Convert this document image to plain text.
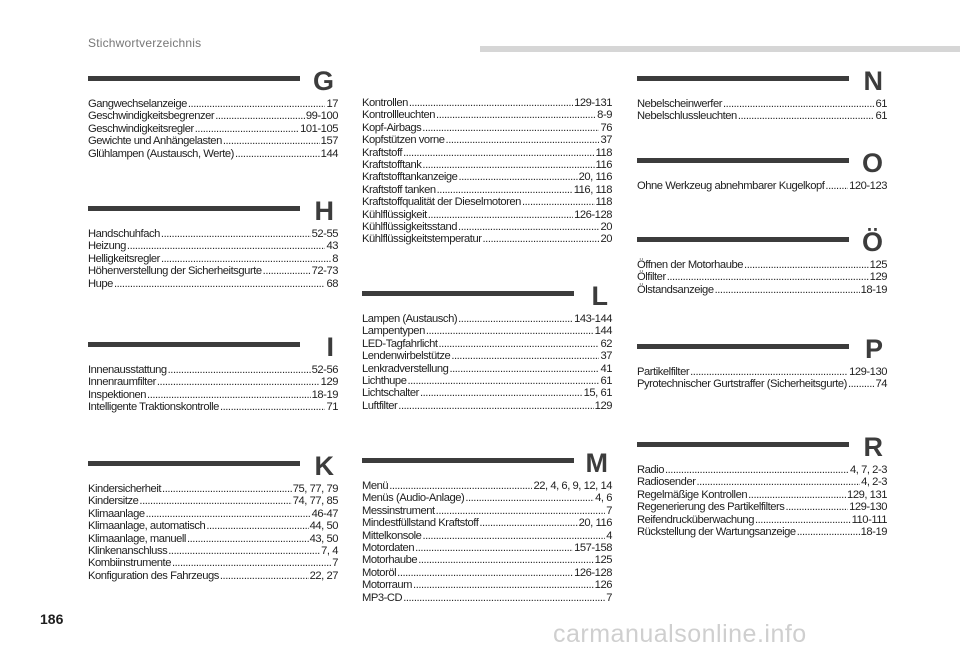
Stichwortverzeichnis
G
Gangwechselanzeige .....	17
Geschwindigkeitsbegrenzer .....	99-100
Geschwindigkeitsregler .....	101-105
Gewichte und Anhängelasten .....	157
Glühlampen (Austausch, Werte) .....	144
H
Handschuhfach .....	52-55
Heizung .....	43
Helligkeitsregler .....	8
Höhenverstellung der Sicherheitsgurte .....	72-73
Hupe .....	68
I
Innenausstattung .....	52-56
Innenraumfilter .....	129
Inspektionen .....	18-19
Intelligente Traktionskontrolle .....	71
K
Kindersicherheit .....	75, 77, 79
Kindersitze .....	74, 77, 85
Klimaanlage .....	46-47
Klimaanlage, automatisch .....	44, 50
Klimaanlage, manuell .....	43, 50
Klinkenanschluss .....	7, 4
Kombiinstrumente .....	7
Konfiguration des Fahrzeugs .....	22, 27
Kontrollen .....	129-131
Kontrollleuchten .....	8-9
Kopf-Airbags .....	76
Kopfstützen vorne .....	37
Kraftstoff .....	118
Kraftstofftank .....	116
Kraftstofftankanzeige .....	20, 116
Kraftstoff tanken .....	116, 118
Kraftstoffqualität der Dieselmotoren .....	118
Kühlflüssigkeit .....	126-128
Kühlflüssigkeitsstand .....	20
Kühlflüssigkeitstemperatur .....	20
L
Lampen (Austausch) .....	143-144
Lampentypen .....	144
LED-Tagfahrlicht .....	62
Lendenwirbelstütze .....	37
Lenkradverstellung .....	41
Lichthupe .....	61
Lichtschalter .....	15, 61
Luftfilter .....	129
M
Menü .....	22, 4, 6, 9, 12, 14
Menüs (Audio-Anlage) .....	4, 6
Messinstrument .....	7
Mindestfüllstand Kraftstoff .....	20, 116
Mittelkonsole .....	4
Motordaten .....	157-158
Motorhaube .....	125
Motoröl .....	126-128
Motorraum .....	126
MP3-CD .....	7
N
Nebelscheinwerfer .....	61
Nebelschlussleuchten .....	61
O
Ohne Werkzeug abnehmbarer Kugelkopf ..... 120-123
Ö
Öffnen der Motorhaube .....	125
Ölfilter .....	129
Ölstandsanzeige .....	18-19
P
Partikelfilter .....	129-130
Pyrotechnischer Gurtstraffer (Sicherheitsgurte) .....	74
R
Radio .....	4, 7, 2-3
Radiosender .....	4, 2-3
Regelmäßige Kontrollen .....	129, 131
Regenerierung des Partikelfilters .....	129-130
Reifendrucküberwachung .....	110-111
Rückstellung der Wartungsanzeige .....	18-19
186
carmanualsonline.info
